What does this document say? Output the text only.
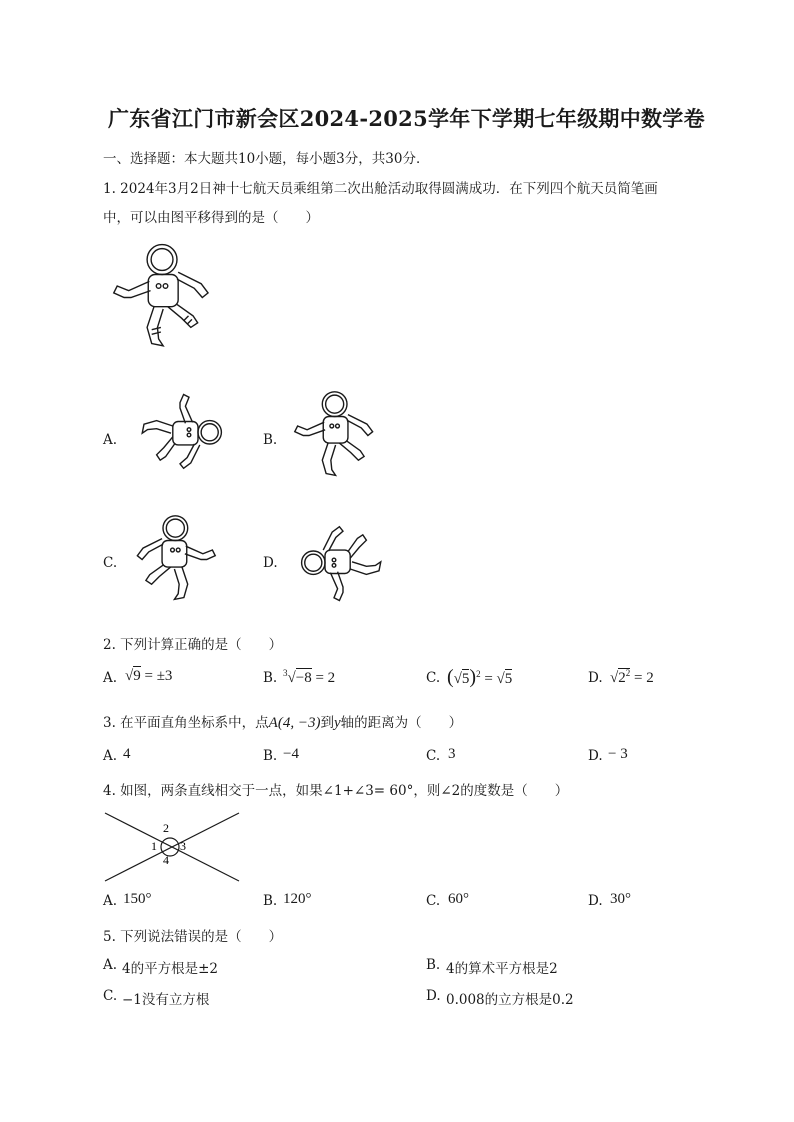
广东省江门市新会区2024-2025学年下学期七年级期中数学卷
一、选择题：本大题共10小题，每小题3分，共30分．
1. 2024年3月2日神十七航天员乘组第二次出舱活动取得圆满成功．在下列四个航天员简笔画
中，可以由图平移得到的是（　　）
A.	B.
C.	D.
2. 下列计算正确的是（　　）
A. √9 = ±3	B. $^3$√−8 = 2	C. $(√5)^2 = √5$	D. $√2^2 = 2$
3. 在平面直角坐标系中，点A(4, −3)到y轴的距离为（　　）
A. 4	B. −4	C. 3	D. − 3
4. 如图，两条直线相交于一点，如果∠1+∠3= 60°，则∠2的度数是（　　）
1
2
3
4
A. 150°	B. 120°	C. 60°	D. 30°
5. 下列说法错误的是（　　）
A. 4的平方根是±2	B. 4的算术平方根是2
C. −1没有立方根	D. 0.008的立方根是0.2
